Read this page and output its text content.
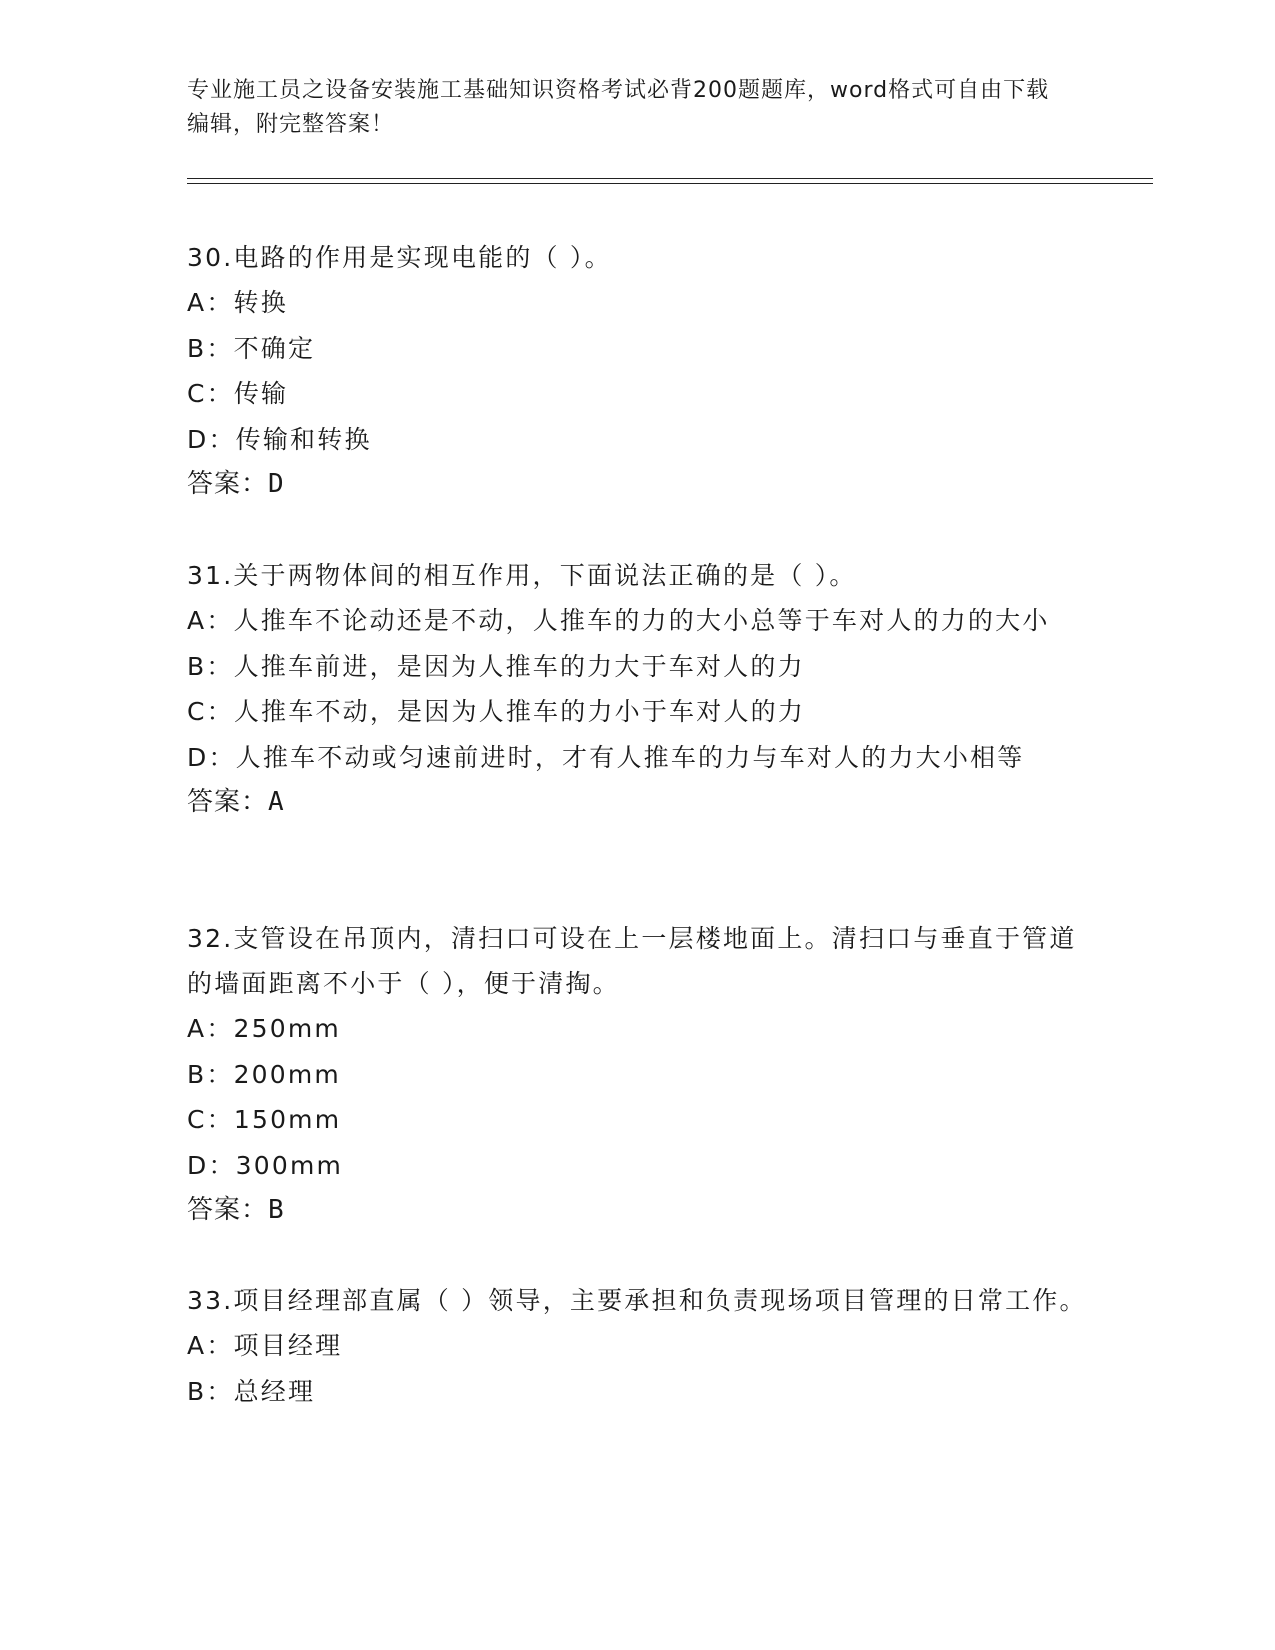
专业施工员之设备安装施工基础知识资格考试必背200题题库，word格式可自由下载编辑，附完整答案！

30.电路的作用是实现电能的（ ）。

A：转换

B：不确定

C：传输

D：传输和转换

答案：D

31.关于两物体间的相互作用，下面说法正确的是（ ）。

A：人推车不论动还是不动，人推车的力的大小总等于车对人的力的大小

B：人推车前进，是因为人推车的力大于车对人的力

C：人推车不动，是因为人推车的力小于车对人的力

D：人推车不动或匀速前进时，才有人推车的力与车对人的力大小相等

答案：A

32.支管设在吊顶内，清扫口可设在上一层楼地面上。清扫口与垂直于管道的墙面距离不小于（ ），便于清掏。

A：250mm

B：200mm

C：150mm

D：300mm

答案：B

33.项目经理部直属（ ）领导，主要承担和负责现场项目管理的日常工作。

A：项目经理

B：总经理
